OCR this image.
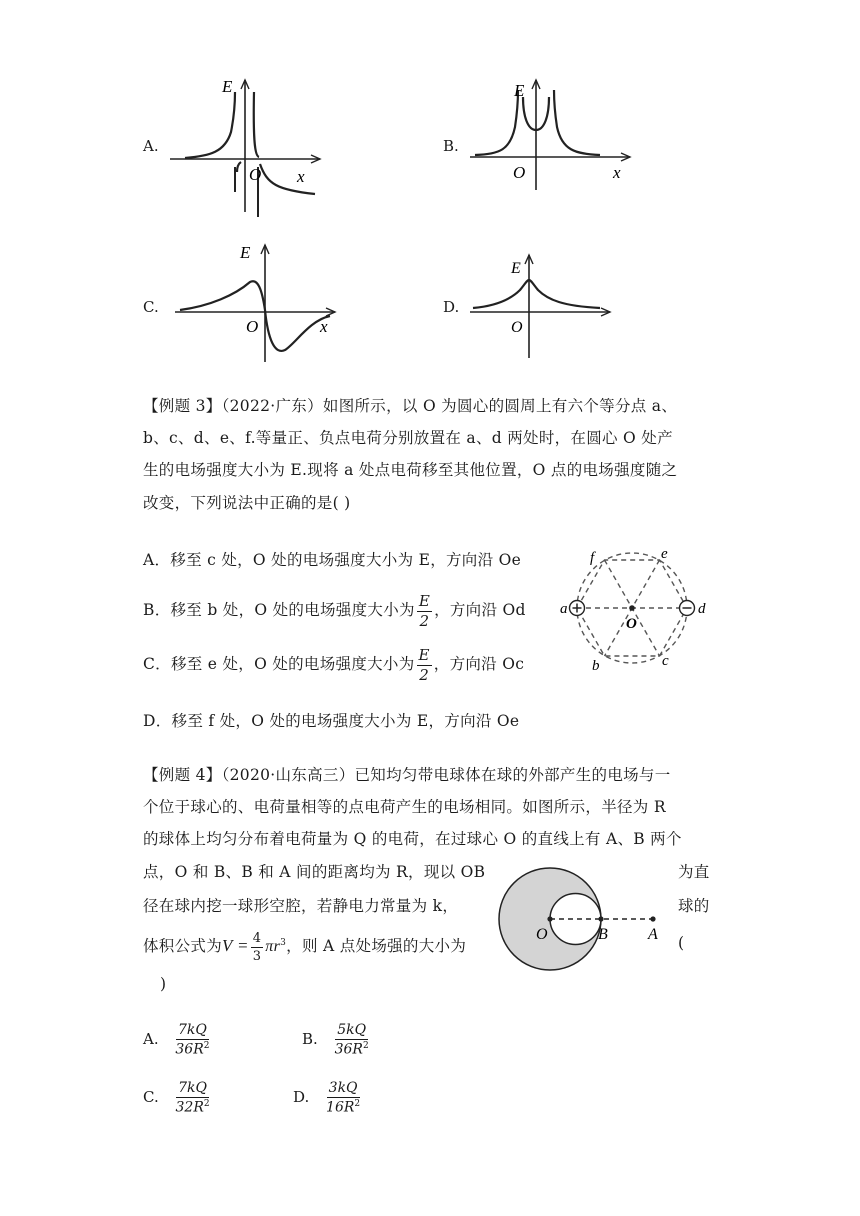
A.
E
O x
B.
E
O	x
C.
E
O	x
D.
E
O
【例题 3】（2022·广东）如图所示，以 O 为圆心的圆周上有六个等分点 a、
b、c、d、e、f.等量正、负点电荷分别放置在 a、d 两处时，在圆心 O 处产
生的电场强度大小为 E.现将 a 处点电荷移至其他位置，O 点的电场强度随之
改变，下列说法中正确的是( )
A．移至 c 处，O 处的电场强度大小为 E，方向沿 Oe
B．移至 b 处，O 处的电场强度大小为 $\frac{E}{2}$ ，方向沿 Od
C．移至 e 处，O 处的电场强度大小为 $\frac{E}{2}$ ，方向沿 Oc
D．移至 f 处，O 处的电场强度大小为 E，方向沿 Oe
a	d
f	e
b	c
O
【例题 4】（2020·山东高三）已知均匀带电球体在球的外部产生的电场与一
个位于球心的、电荷量相等的点电荷产生的电场相同。如图所示，半径为 R
的球体上均匀分布着电荷量为 Q 的电荷，在过球心 O 的直线上有 A、B 两个
点，O 和 B、B 和 A 间的距离均为 R，现以 OB	为直
径在球内挖一球形空腔，若静电力常量为 k，	球的
体积公式为$V = \frac{4}{3} \pi r^3$，则 A 点处场强的大小为	(
)
O	B	A
A. $\frac{7kQ}{36R^2}$	B. $\frac{5kQ}{36R^2}$
C. $\frac{7kQ}{32R^2}$	D. $\frac{3kQ}{16R^2}$
